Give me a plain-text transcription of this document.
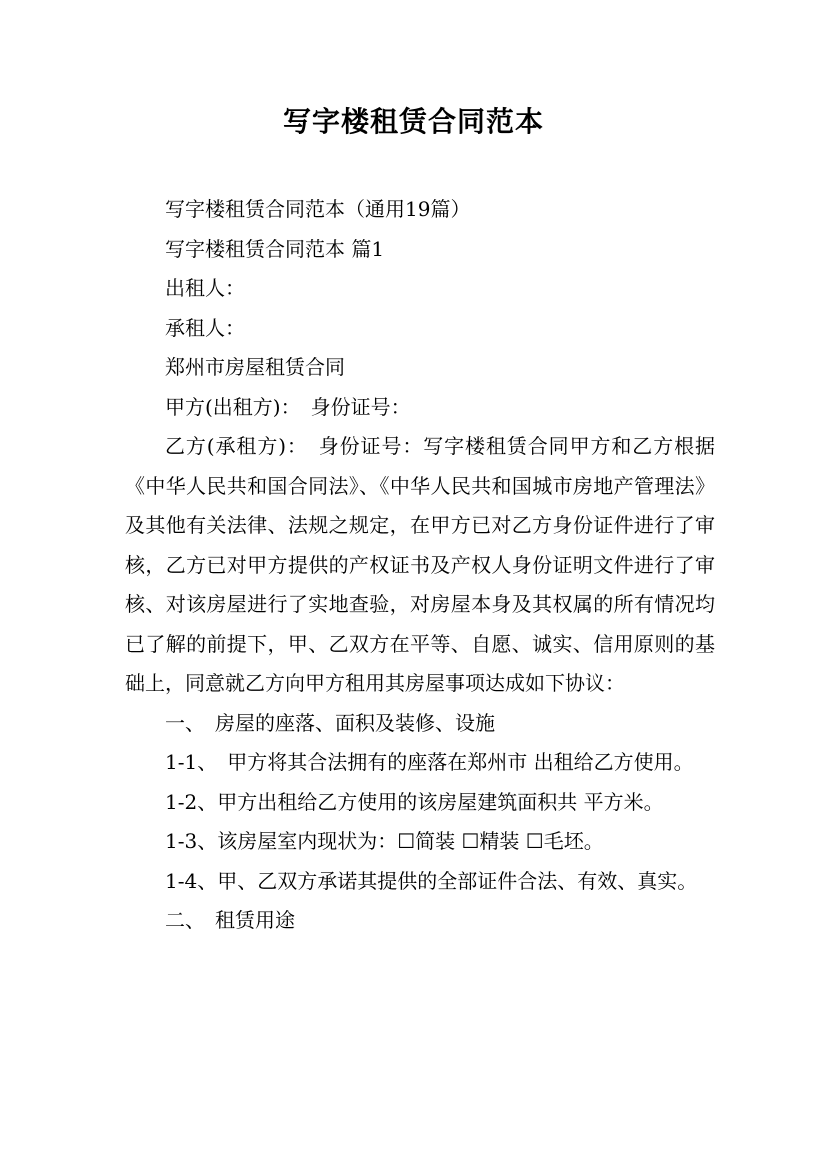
写字楼租赁合同范本

写字楼租赁合同范本（通用19篇）

写字楼租赁合同范本 篇1

出租人：

承租人：

郑州市房屋租赁合同

甲方(出租方)：　身份证号：

乙方(承租方)：　身份证号：写字楼租赁合同甲方和乙方根据《中华人民共和国合同法》、《中华人民共和国城市房地产管理法》及其他有关法律、法规之规定，在甲方已对乙方身份证件进行了审核，乙方已对甲方提供的产权证书及产权人身份证明文件进行了审核、对该房屋进行了实地查验，对房屋本身及其权属的所有情况均已了解的前提下，甲、乙双方在平等、自愿、诚实、信用原则的基础上，同意就乙方向甲方租用其房屋事项达成如下协议：

一、　房屋的座落、面积及装修、设施

1-1、　甲方将其合法拥有的座落在郑州市 出租给乙方使用。

1-2、甲方出租给乙方使用的该房屋建筑面积共 平方米。

1-3、该房屋室内现状为：☐简装 ☐精装 ☐毛坯。

1-4、甲、乙双方承诺其提供的全部证件合法、有效、真实。

二、　租赁用途
